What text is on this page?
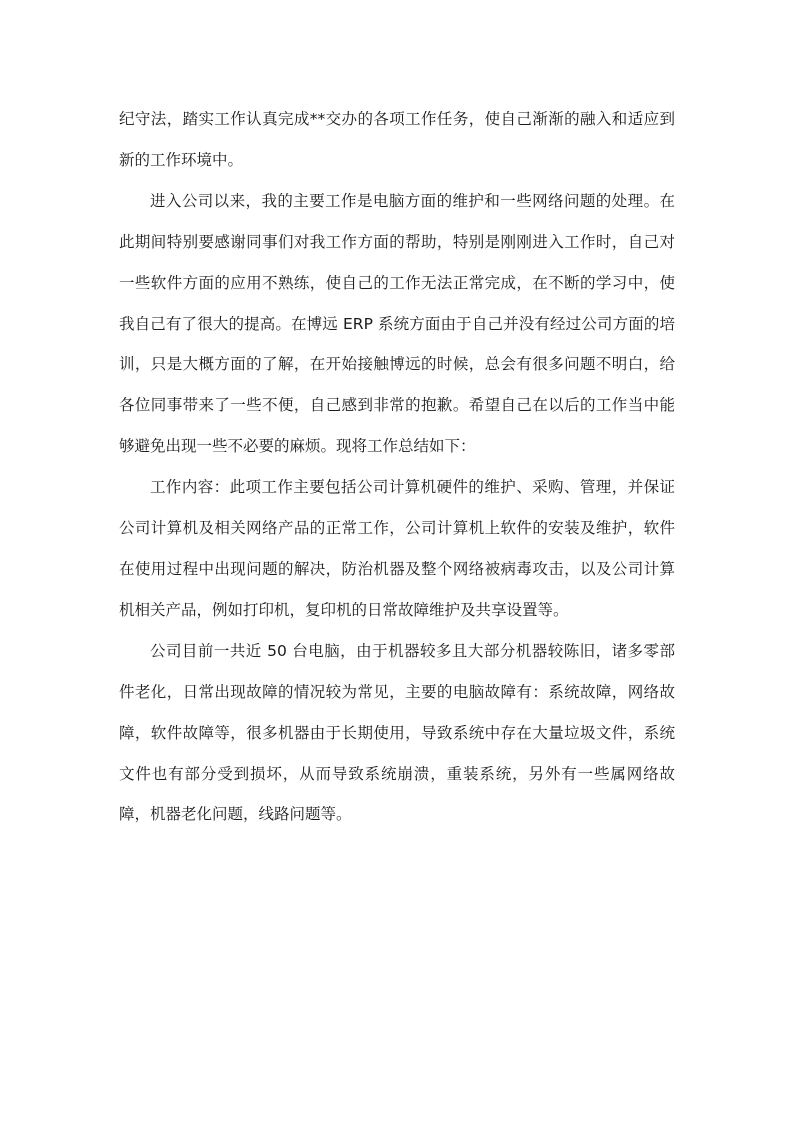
纪守法，踏实工作认真完成**交办的各项工作任务，使自己渐渐的融入和适应到新的工作环境中。

进入公司以来，我的主要工作是电脑方面的维护和一些网络问题的处理。在此期间特别要感谢同事们对我工作方面的帮助，特别是刚刚进入工作时，自己对一些软件方面的应用不熟练，使自己的工作无法正常完成，在不断的学习中，使我自己有了很大的提高。在博远 ERP 系统方面由于自己并没有经过公司方面的培训，只是大概方面的了解，在开始接触博远的时候，总会有很多问题不明白，给各位同事带来了一些不便，自己感到非常的抱歉。希望自己在以后的工作当中能够避免出现一些不必要的麻烦。现将工作总结如下：

工作内容：此项工作主要包括公司计算机硬件的维护、采购、管理，并保证公司计算机及相关网络产品的正常工作，公司计算机上软件的安装及维护，软件在使用过程中出现问题的解决，防治机器及整个网络被病毒攻击，以及公司计算机相关产品，例如打印机，复印机的日常故障维护及共享设置等。

公司目前一共近 50 台电脑，由于机器较多且大部分机器较陈旧，诸多零部件老化，日常出现故障的情况较为常见，主要的电脑故障有：系统故障，网络故障，软件故障等，很多机器由于长期使用，导致系统中存在大量垃圾文件，系统文件也有部分受到损坏，从而导致系统崩溃，重装系统，另外有一些属网络故障，机器老化问题，线路问题等。
